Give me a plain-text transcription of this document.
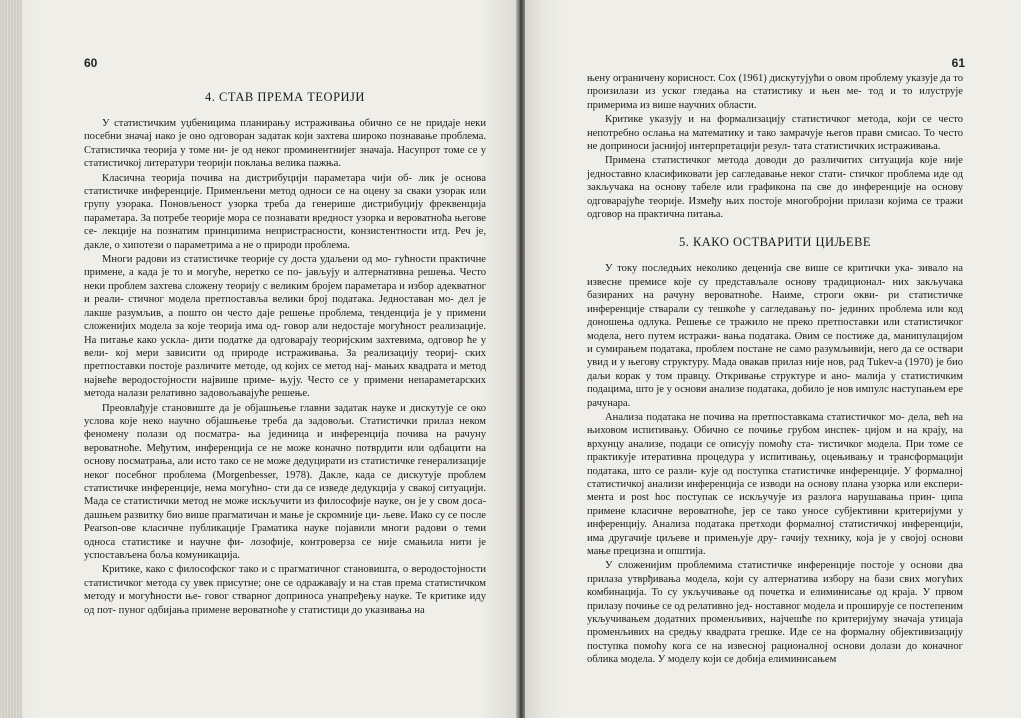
60
4. СТАВ ПРЕМА ТЕОРИЈИ

У статистичким уџбеницима планирању истраживања обично се не придаје неки посебни значај иако је оно одговоран задатак који захтева широко познавање проблема. Статистичка теорија у томе ни- је од неког проминентнијег значаја. Насупрот томе се у статистичкој литератури теорији поклања велика пажња.

Класична теорија почива на дистрибуцији параметара чији об- лик је основа статистичке инференције. Применљени метод односи се на оцену за сваки узорак или групу узорака. Поновљеност узорка треба да генерише дистрибуцију фреквенција параметара. За потребе теорије мора се познавати вредност узорка и вероватноћа његове се- лекције на познатим принципима непристрасности, конзистентности итд. Реч је, дакле, о хипотези о параметрима а не о природи проблема.

Многи радови из статистичке теорије су доста удаљени од мо- гућности практичне примене, а када је то и могуће, неретко се по- јављују и алтернативна решења. Често неки проблем захтева сложену теорију с великим бројем параметара и избор адекватног и реали- стичног модела претпоставља велики број података. Једноставан мо- дел је лакше разумљив, а пошто он често даје решење проблема, тенденција је у примени сложенијих модела за које теорија има од- говор али недостаје могућност реализације. На питање како ускла- дити податке да одговарају теоријским захтевима, одговор ће у вели- кој мери зависити од природе истраживања. За реализацију теориј- ских претпоставки постоје различите методе, од којих се метод нај- мањих квадрата и метод највеће веродостојности највише приме- њују. Често се у примени непараметарских метода налази релативно задовољавајуће решење.

Преовлађује становиште да је објашњење главни задатак науке и дискутује се око услова које нeко научно објашњење треба да задовољи. Статистички прилаз неком феномену полази од посматра- ња јединица и инференција почива на рачуну вероватноће. Међутим, инференција се не може коначно потврдити или одбацити на основу посматрања, али исто тако се не може дедуцирати из статистичке генерализације неког посебног проблема (Morgenbesser, 1978). Дакле, када се дискутује проблем статистичке инференције, нема могућно- сти да се изведе дедукција у свакој ситуацији. Мада се статистички метод не може искључити из философије науке, он је у свом доса- дашњем развитку био више прагматичан и мање је скромније ци- љеве. Иако су се после Pearson-ове класичне публикације Граматика науке појавили многи радови о теми односа статистике и научне фи- лозофије, контроверза се није смањила нити је успостављена боља комуникација.

Критике, како с философског тако и с прагматичног становишта, о веродостојности статистичког метода су увек присутне; оне се одражавају и на став према статистичком методу и могућности ње- говог стварног доприноса унапређењу науке. Те критике иду од пот- пуног одбијања примене вероватноће у статистици до указивања на

61

њену ограничену корисност. Cox (1961) дискутујући о овом проблему указује да то произилази из уског гледања на статистику и њен ме- тод и то илуструје примерима из више научних области.

Критике указују и на формализацију статистичког метода, који се често непотребно ослања на математику и тако замрачује његов прави смисао. То често не доприноси јаснијој интерпретацији резул- тата статистичких истраживања.

Примена статистичког метода доводи до различитих ситуација које није једноставно класификовати јер сагледавање неког стати- стичког проблема иде од закључака на основу табеле или графикона па све до инференције на основу одговарајуће теорије. Између њих постоје многобројни прилази којима се тражи одговор на практична питања.

5. КАКО ОСТВАРИТИ ЦИЉЕВЕ

У току последњих неколико деценија све више се критички ука- зивало на извесне премисе које су представљале основу традиционал- них закључака базираних на рачуну вероватноће. Наиме, строги окви- ри статистичке инференције стварали су тешкоће у сагледавању по- јединих проблема или код доношења одлука. Решење се тражило не преко претпоставки или статистичког модела, него путем истражи- вања података. Овим се постиже да, манипулацијом и сумирањем података, проблем постане не само разумљивији, него да се оствари увид и у његову структуру. Мада овакав прилаз није нов, рад Tukev-a (1970) је био даљи корак у том правцу. Откривање структуре и ано- малија у статистичким подацима, што је у основи анализе података, добило је нов импулс наступањем ере рачунара.

Анализа података не почива на претпоставкама статистичког мо- дела, већ на њиховом испитивању. Обично се почиње грубом инспек- цијом и на крају, на врхунцу анализе, подаци се описују помоћу ста- тистичког модела. При томе се практикује итеративна процедура у испитивању, оцењивању и трансформацији података, што се разли- кује од поступка статистичке инференције. У формалној статистичкој анализи инференција се изводи на основу плана узорка или експери- мента и post hoc поступак се искључује из разлога нарушавања прин- ципа примене класичне вероватноће, јер се тако уносе субјективни критеријуми у инференцију. Анализа података претходи формалној статистичкој инференцији, има другачије циљеве и примењује дру- гачију технику, која је у својој основи мање прецизна и општија.

У сложенијим проблемима статистичке инференције постоје у основи два прилаза утврђивања модела, који су алтернатива избору на бази свих могућих комбинација. То су укључивање од почетка и елиминисање од краја. У првом прилазу почиње се од релативно јед- ноставног модела и проширује се постепеним укључивањем додатних променљивих, најчешће по критеријуму значаја утицаја променљивих на средњу квадрата грешке. Иде се на формалну објективизацију поступка помоћу кога се на извесној рационалној основи долази до коначног облика модела. У моделу који се добија елиминисањем
